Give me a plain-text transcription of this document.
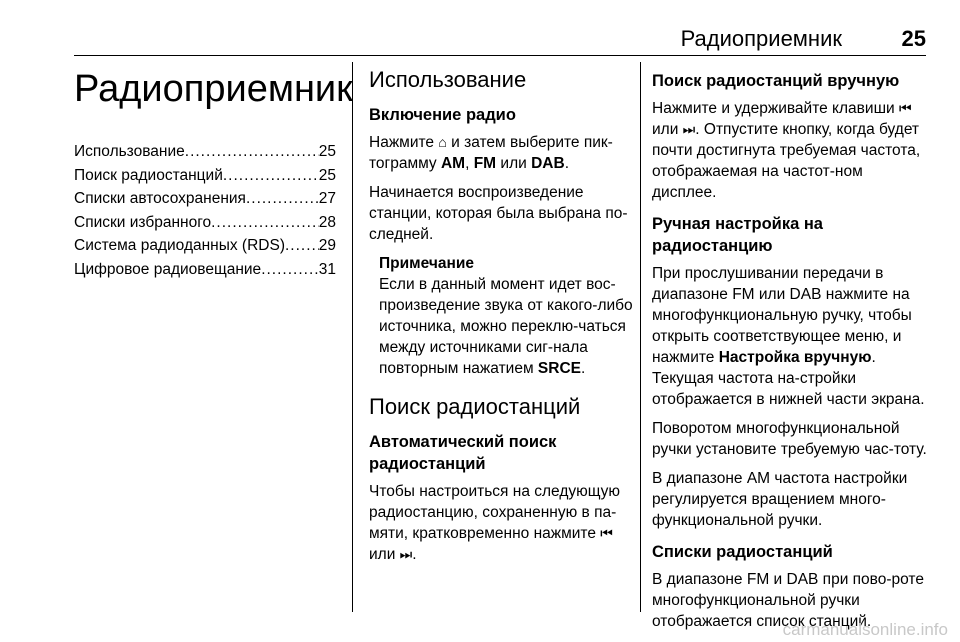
Радиоприемник	25
Радиоприемник
Использование .....	25
Поиск радиостанций .....	25
Списки автосохранения .....	27
Списки избранного .....	28
Система радиоданных (RDS) ..... 29
Цифровое радиовещание .....	31
Использование
Включение радио

Нажмите ⌂ и затем выберите пик-тограмму AM, FM или DAB.

Начинается воспроизведение станции, которая была выбрана по-следней.

Примечание

Если в данный момент идет вос-произведение звука от какого-либо источника, можно переклю-чаться между источниками сиг-нала повторным нажатием SRCE.

Поиск радиостанций
Автоматический поиск радиостанций

Чтобы настроиться на следующую радиостанцию, сохраненную в па-мяти, кратковременно нажмите ⏮ или ⏭.

Поиск радиостанций вручную

Нажмите и удерживайте клавиши ⏮ или ⏭. Отпустите кнопку, когда будет почти достигнута требуемая частота, отображаемая на частот-ном дисплее.

Ручная настройка на радиостанцию

При прослушивании передачи в диапазоне FM или DAB нажмите на многофункциональную ручку, чтобы открыть соответствующее меню, и нажмите Настройка вручную. Текущая частота на-стройки отображается в нижней части экрана.

Поворотом многофункциональной ручки установите требуемую час-тоту.

В диапазоне AM частота настройки регулируется вращением много-функциональной ручки.

Списки радиостанций

В диапазоне FM и DAB при пово-роте многофункциональной ручки отображается список станций.

carmanualsonline.info
